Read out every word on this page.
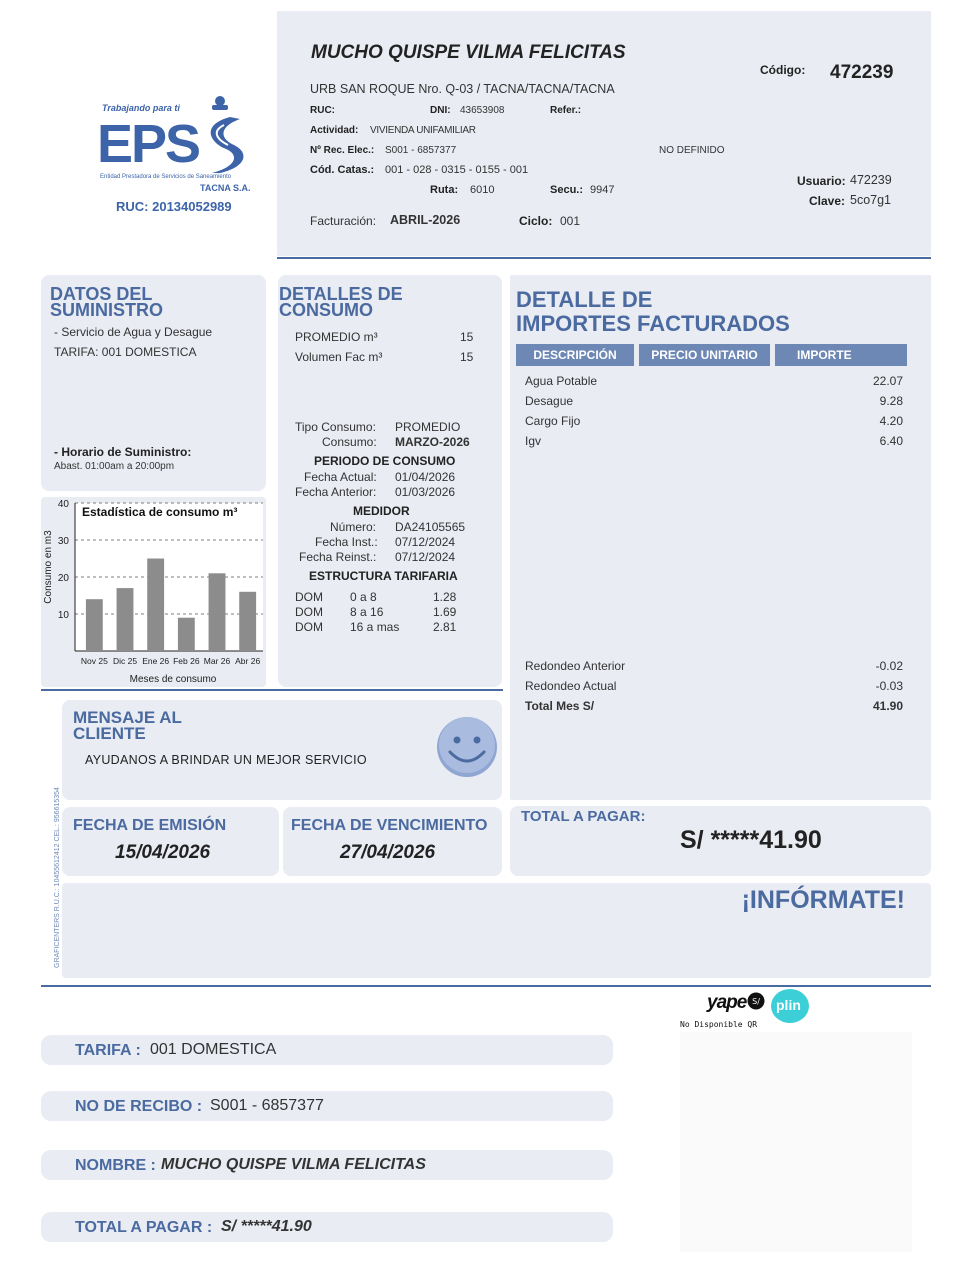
Trabajando para ti
EPS
Entidad Prestadora de Servicios de Saneamiento
TACNA S.A.
RUC: 20134052989
MUCHO QUISPE VILMA FELICITAS
URB SAN ROQUE Nro. Q-03 / TACNA/TACNA/TACNA
Código: 472239
RUC:	DNI: 43653908	Refer.:
Actividad: VIVIENDA UNIFAMILIAR
Nº Rec. Elec.: S001 - 6857377	NO DEFINIDO
Cód. Catas.: 001 - 028 - 0315 - 0155 - 001
Ruta: 6010	Secu.: 9947
Usuario: 472239
Clave: 5co7g1
Facturación: ABRIL-2026	Ciclo: 001
DATOS DEL
SUMINISTRO
- Servicio de Agua y Desague
TARIFA: 001 DOMESTICA
- Horario de Suministro:
Abast. 01:00am a 20:00pm
10
20
30
40
Nov 25 Dic 25 Ene 26 Feb 26 Mar 26 Abr 26
Estadística de consumo m³
Meses de consumo
Consumo en m3
DETALLES DE
CONSUMO
PROMEDIO m³	15
Volumen Fac m³	15
Tipo Consumo: PROMEDIO
Consumo: MARZO-2026
PERIODO DE CONSUMO
Fecha Actual: 01/04/2026
Fecha Anterior: 01/03/2026
MEDIDOR
Número: DA24105565
Fecha Inst.: 07/12/2024
Fecha Reinst.: 07/12/2024
ESTRUCTURA TARIFARIA
DOM 0 a 8	1.28
DOM 8 a 16	1.69
DOM 16 a mas	2.81
DETALLE DE
IMPORTES FACTURADOS
DESCRIPCIÓN	PRECIO UNITARIO	IMPORTE
Agua Potable	22.07
Desague	9.28
Cargo Fijo	4.20
Igv	6.40
Redondeo Anterior	-0.02
Redondeo Actual	-0.03
Total Mes S/	41.90
MENSAJE AL
CLIENTE
AYUDANOS A BRINDAR UN MEJOR SERVICIO
GRAFICENTERS R.U.C.: 10455612412 CEL.: 956615354 FECHA DE EMISIÓN
15/04/2026
FECHA DE VENCIMIENTO
27/04/2026
TOTAL A PAGAR:
S/ *****41.90
¡INFÓRMATE!
yape S/ plin
No Disponible QR
TARIFA : 001 DOMESTICA
NO DE RECIBO : S001 - 6857377
NOMBRE : MUCHO QUISPE VILMA FELICITAS
TOTAL A PAGAR : S/ *****41.90
